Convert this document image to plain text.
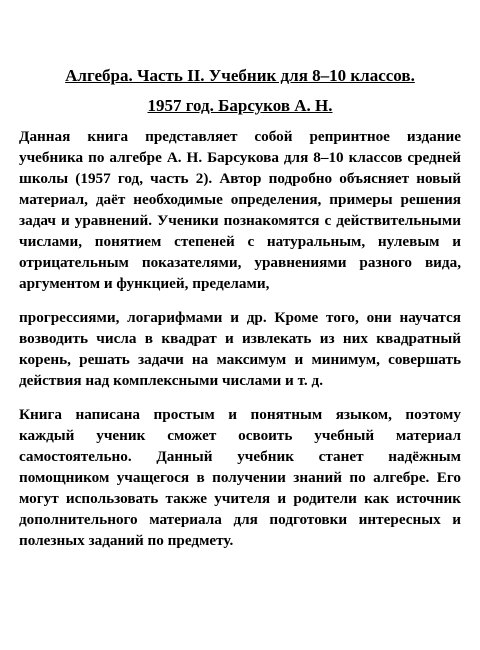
Алгебра. Часть II. Учебник для 8–10 классов.
1957 год. Барсуков А. Н.

Данная книга представляет собой репринтное издание учебника по алгебре А. Н. Барсукова для 8–10 классов средней школы (1957 год, часть 2). Автор подробно объясняет новый материал, даёт необходимые определения, примеры решения задач и уравнений. Ученики познакомятся с действительными числами, понятием степеней с натуральным, нулевым и отрицательным показателями, уравнениями разного вида, аргументом и функцией, пределами,

прогрессиями, логарифмами и др. Кроме того, они научатся возводить числа в квадрат и извлекать из них квадратный корень, решать задачи на максимум и минимум, совершать действия над комплексными числами и т. д.

Книга написана простым и понятным языком, поэтому каждый ученик сможет освоить учебный материал самостоятельно. Данный учебник станет надёжным помощником учащегося в получении знаний по алгебре. Его могут использовать также учителя и родители как источник дополнительного материала для подготовки интересных и полезных заданий по предмету.
